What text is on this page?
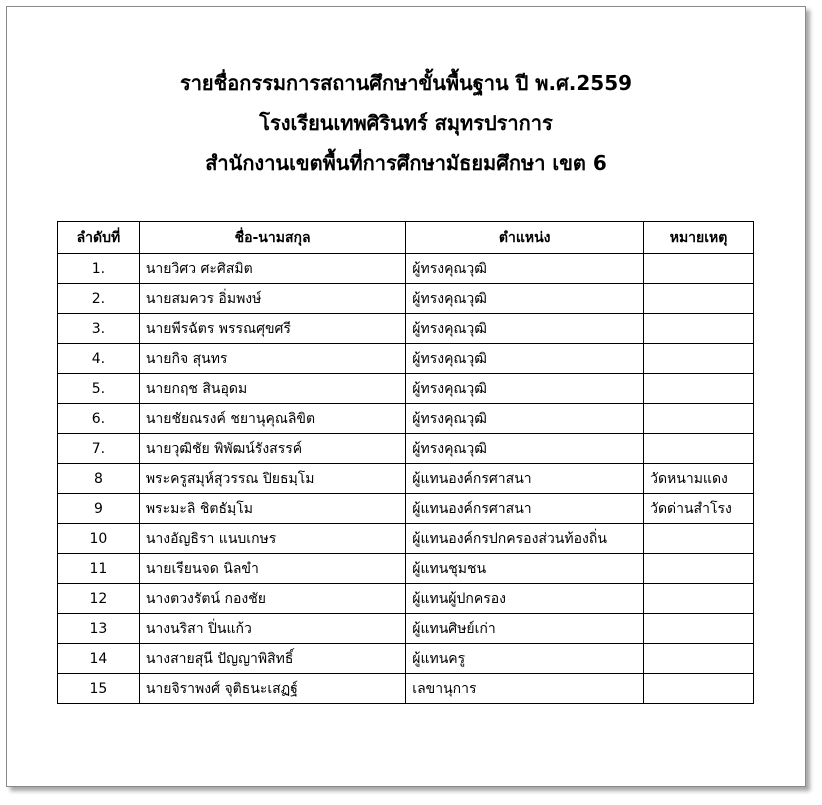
รายชื่อกรรมการสถานศึกษาขั้นพื้นฐาน ปี พ.ศ.2559
โรงเรียนเทพศิรินทร์ สมุทรปราการ
สำนักงานเขตพื้นที่การศึกษามัธยมศึกษา เขต 6
ลำดับที่	ชื่อ-นามสกุล	ตำแหน่ง	หมายเหตุ
1.	นายวิศว ศะศิสมิต	ผู้ทรงคุณวุฒิ	
2.	นายสมควร อิ่มพงษ์	ผู้ทรงคุณวุฒิ	
3.	นายพีรฉัตร พรรณศุขศรี	ผู้ทรงคุณวุฒิ	
4.	นายกิจ สุนทร	ผู้ทรงคุณวุฒิ	
5.	นายกฤช สินอุดม	ผู้ทรงคุณวุฒิ	
6.	นายชัยณรงค์ ชยานุคุณลิขิต	ผู้ทรงคุณวุฒิ	
7.	นายวุฒิชัย พิพัฒน์รังสรรค์	ผู้ทรงคุณวุฒิ	
8	พระครูสมุห์สุวรรณ ปิยธมฺโม	ผู้แทนองค์กรศาสนา	วัดหนามแดง
9	พระมะลิ ชิตธัมฺโม	ผู้แทนองค์กรศาสนา	วัดด่านสำโรง
10	นางอัญธิรา แนบเกษร	ผู้แทนองค์กรปกครองส่วนท้องถิ่น	
11	นายเรียนจด นิลขำ	ผู้แทนชุมชน	
12	นางตวงรัตน์ กองชัย	ผู้แทนผู้ปกครอง	
13	นางนริสา ปิ่นแก้ว	ผู้แทนศิษย์เก่า	
14	นางสายสุนี ปัญญาพิสิทธิ์	ผู้แทนครู	
15	นายจิราพงศ์ จุติธนะเสฏฐ์	เลขานุการ	
